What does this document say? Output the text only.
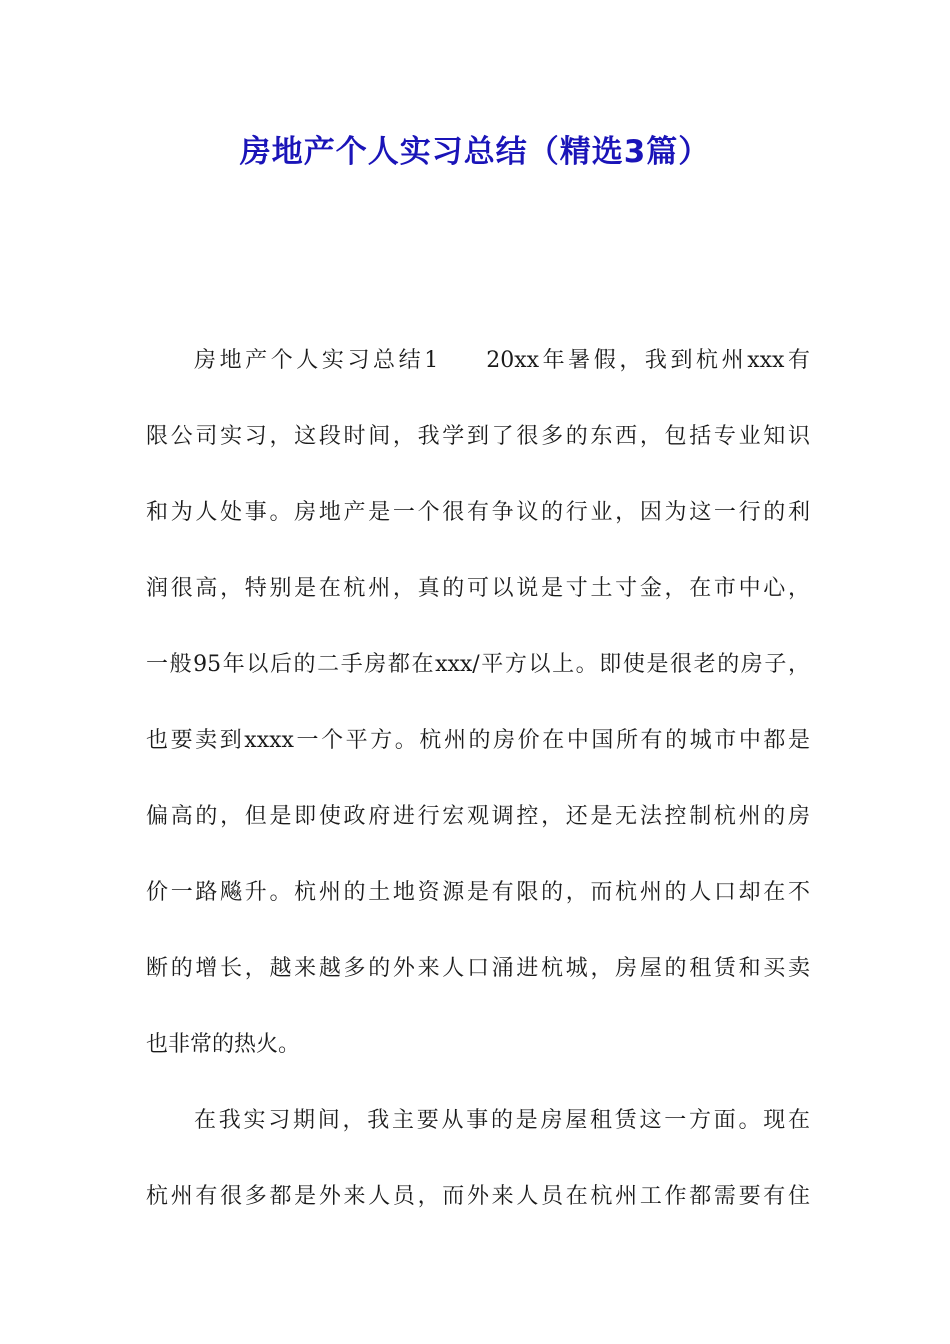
房地产个人实习总结（精选3篇）
房地产个人实习总结1 20xx年暑假，我到杭州xxx有
限公司实习，这段时间，我学到了很多的东西，包括专业知识
和为人处事。房地产是一个很有争议的行业，因为这一行的利
润很高，特别是在杭州，真的可以说是寸土寸金，在市中心，
一般95年以后的二手房都在xxx/平方以上。即使是很老的房子，
也要卖到xxxx一个平方。杭州的房价在中国所有的城市中都是
偏高的，但是即使政府进行宏观调控，还是无法控制杭州的房
价一路飚升。杭州的土地资源是有限的，而杭州的人口却在不
断的增长，越来越多的外来人口涌进杭城，房屋的租赁和买卖
也非常的热火。
在我实习期间，我主要从事的是房屋租赁这一方面。现在
杭州有很多都是外来人员，而外来人员在杭州工作都需要有住
